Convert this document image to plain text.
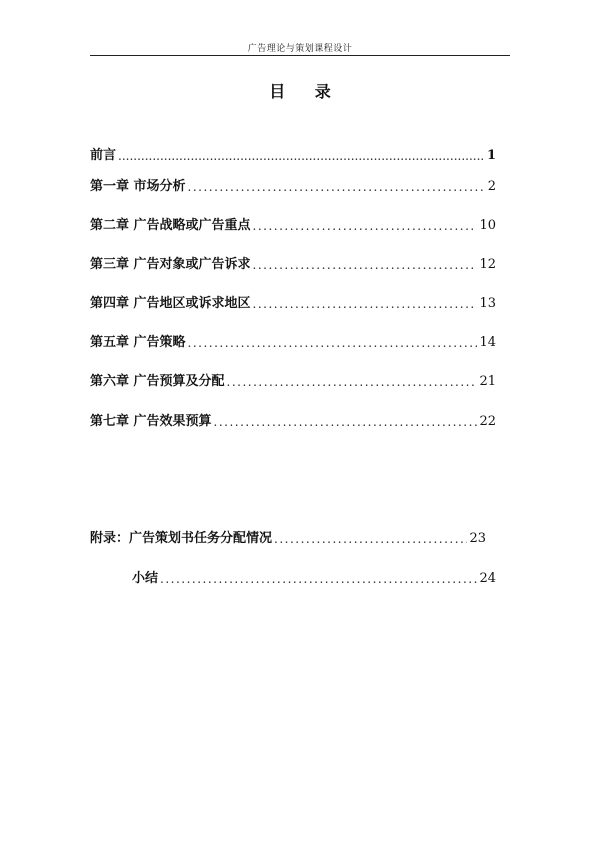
广告理论与策划课程设计
目 录
前言 .....	1
第一章 市场分析 .....	2
第二章 广告战略或广告重点 .....	10
第三章 广告对象或广告诉求 .....	12
第四章 广告地区或诉求地区 .....	13
第五章 广告策略 .....	14
第六章 广告预算及分配 .....	21
第七章 广告效果预算 .....	22
附录：广告策划书任务分配情况 .....	23
小结 .....	24
